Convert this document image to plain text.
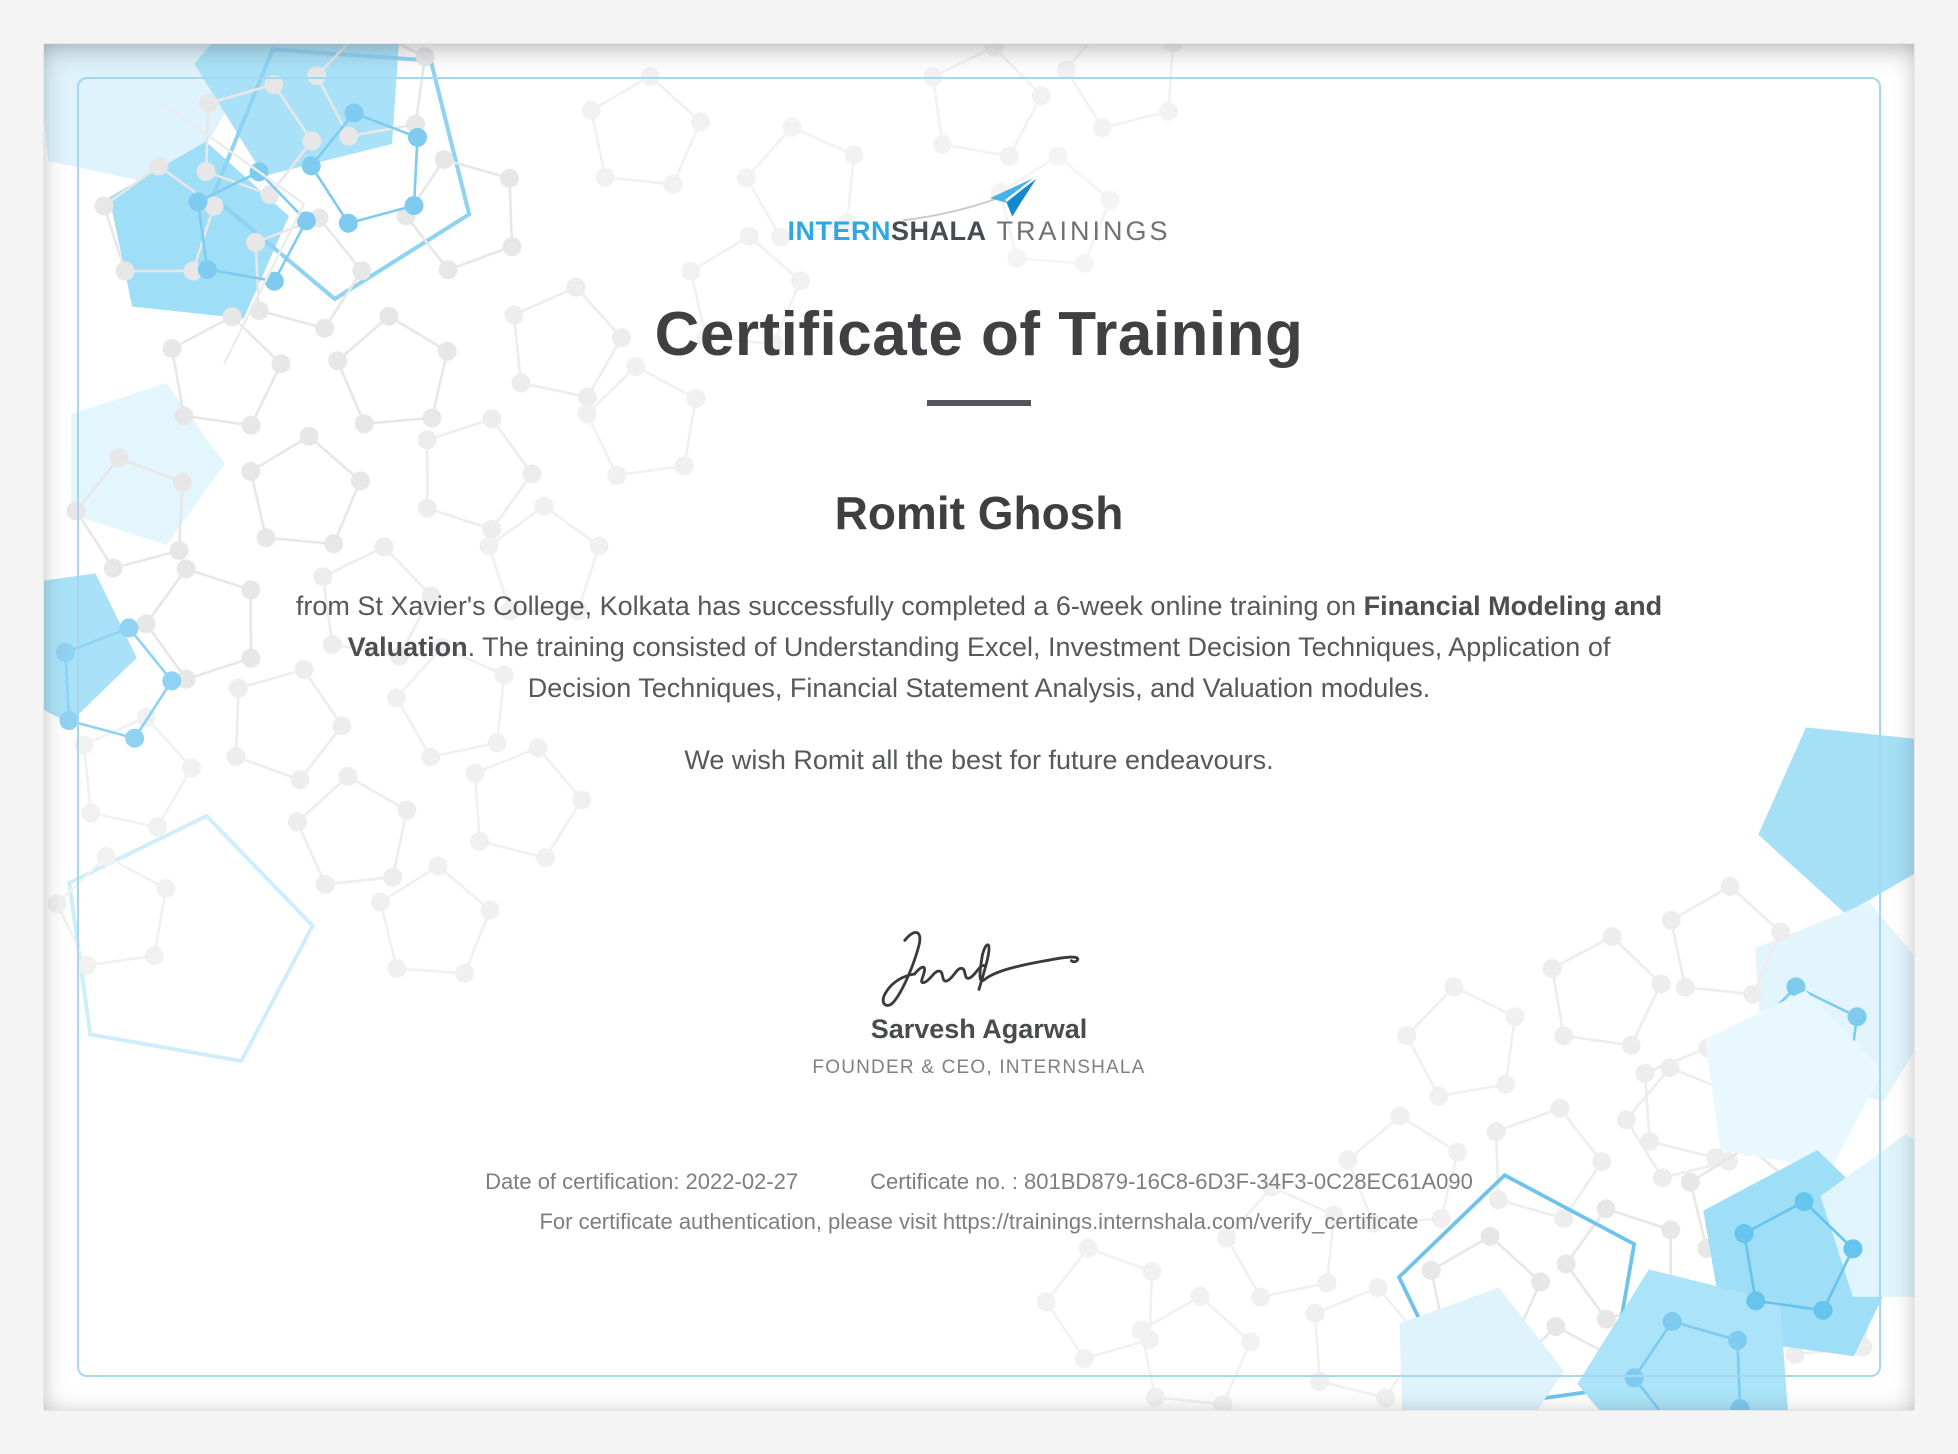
INTERNSHALA TRAININGS
Certificate of Training
Romit Ghosh

from St Xavier's College, Kolkata has successfully completed a 6-week online training on Financial Modeling and
Valuation. The training consisted of Understanding Excel, Investment Decision Techniques, Application of
Decision Techniques, Financial Statement Analysis, and Valuation modules.

We wish Romit all the best for future endeavours.

Sarvesh Agarwal
FOUNDER & CEO, INTERNSHALA
Date of certification: 2022-02-27	Certificate no. : 801BD879-16C8-6D3F-34F3-0C28EC61A090
For certificate authentication, please visit https://trainings.internshala.com/verify_certificate
